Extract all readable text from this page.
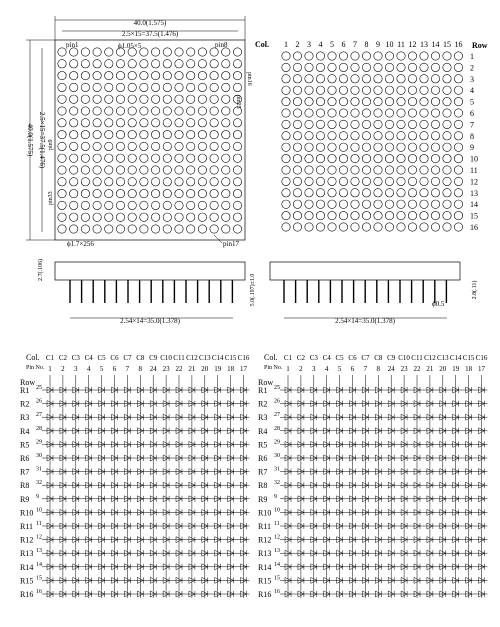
40.0(1.575)
2.5×15=37.5(1.476)
40.0(1.575) 2.5×15=37.5(1.476)
pin1	ϕ1.05×5	pin8
pin16
pin25
pin9
pin33
ϕ1.7×256	pin17
Col.	Row
1 2 3 4 5 6 7 8 9 10 11 12 13 14 15 16
1
2
3
4
5
6
7
8
9
10
11
12
13
14
15
16
2.54×14=35.0(1.378)
2.7(.106)
5.0(.197)±1.0
2.54×14=35.0(1.378)
2.8(.11)
ϕ0.5
Col.
Pin No.
Row
C1 C2 C3 C4 C5 C6 C7 C8 C9 C10 C11 C12 C13 C14 C15 C16
1 2 3 4 5 6 7 8 24 23 22 21 20 19 18 17
R1 25
R2 26
R3 27
R4 28
R5 29
R6 30
R7 31
R8 32
R9 9
R10 10
R11 11
R12 12
R13 13
R14 14
R15 15
R16 16
Col.
Pin No.
Row
C1 C2 C3 C4 C5 C6 C7 C8 C9 C10 C11 C12 C13 C14 C15 C16
1 2 3 4 5 6 7 8 24 23 22 21 20 19 18 17
R1 25
R2 26
R3 27
R4 28
R5 29
R6 30
R7 31
R8 32
R9 9
R10 10
R11 11
R12 12
R13 13
R14 14
R15 15
R16 16
